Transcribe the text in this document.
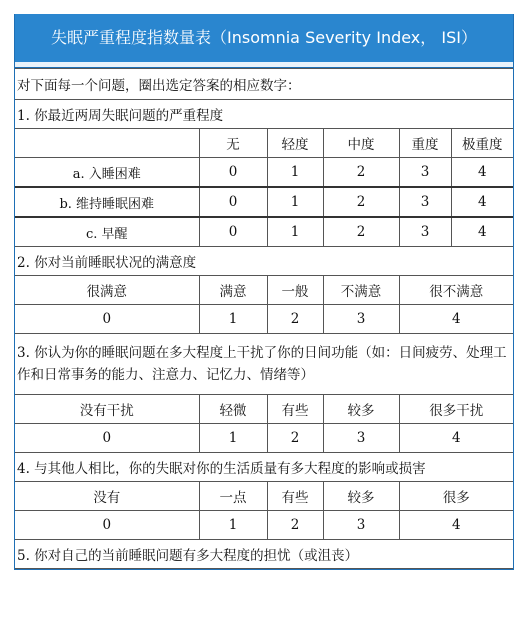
失眠严重程度指数量表（Insomnia Severity Index， ISI）
对下面每一个问题，圈出选定答案的相应数字：					
1. 你最近两周失眠问题的严重程度					
	无	轻度	中度	重度	极重度
a. 入睡困难	0	1	2	3	4
b. 维持睡眠困难	0	1	2	3	4
c. 早醒	0	1	2	3	4
2. 你对当前睡眠状况的满意度					
很满意	满意	一般	不满意	很不满意	
0	1	2	3	4	
3. 你认为你的睡眠问题在多大程度上干扰了你的日间功能（如：日间疲劳、处理工作和日常事务的能力、注意力、记忆力、情绪等）					
没有干扰	轻微	有些	较多	很多干扰	
0	1	2	3	4	
4. 与其他人相比，你的失眠对你的生活质量有多大程度的影响或损害					
没有	一点	有些	较多	很多	
0	1	2	3	4	
5. 你对自己的当前睡眠问题有多大程度的担忧（或沮丧）					
